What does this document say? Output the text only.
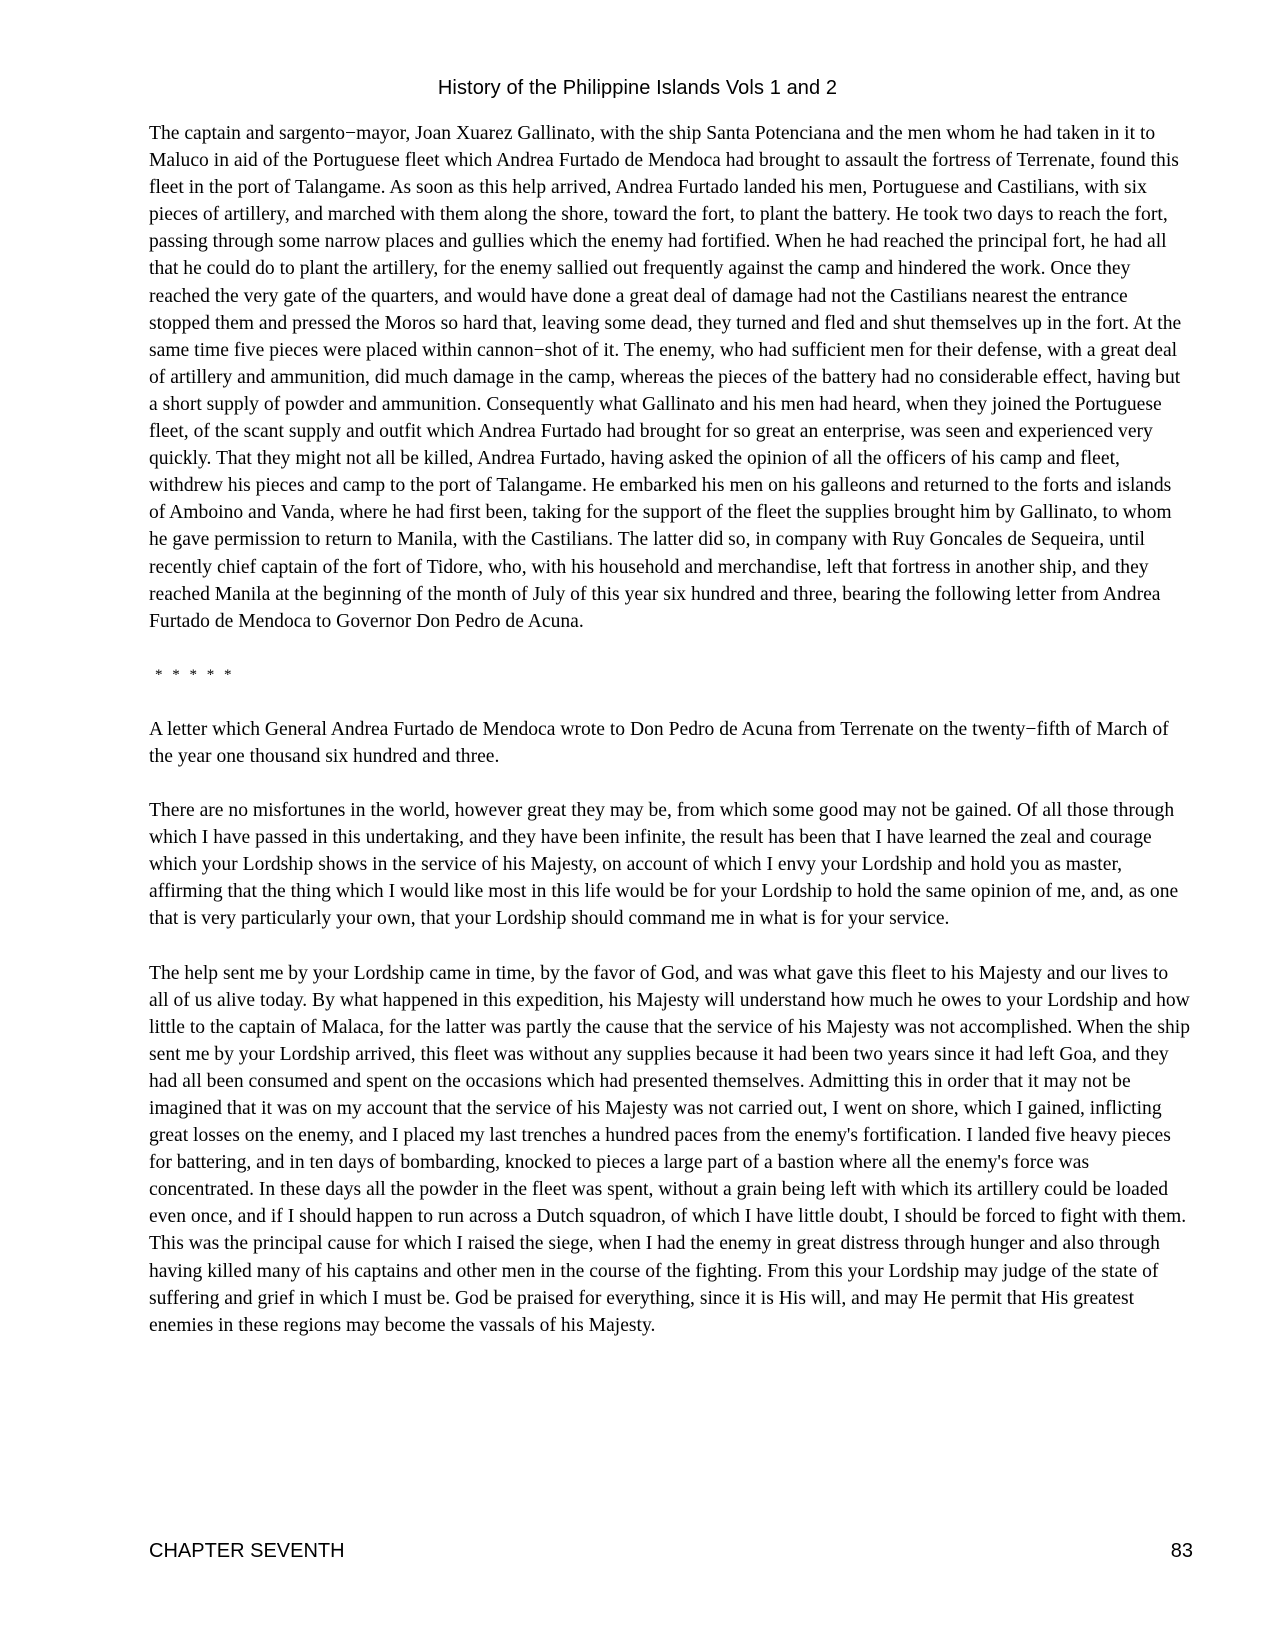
History of the Philippine Islands Vols 1 and 2

The captain and sargento−mayor, Joan Xuarez Gallinato, with the ship Santa Potenciana and the men whom he had taken in it to Maluco in aid of the Portuguese fleet which Andrea Furtado de Mendoca had brought to assault the fortress of Terrenate, found this fleet in the port of Talangame. As soon as this help arrived, Andrea Furtado landed his men, Portuguese and Castilians, with six pieces of artillery, and marched with them along the shore, toward the fort, to plant the battery. He took two days to reach the fort, passing through some narrow places and gullies which the enemy had fortified. When he had reached the principal fort, he had all that he could do to plant the artillery, for the enemy sallied out frequently against the camp and hindered the work. Once they reached the very gate of the quarters, and would have done a great deal of damage had not the Castilians nearest the entrance stopped them and pressed the Moros so hard that, leaving some dead, they turned and fled and shut themselves up in the fort. At the same time five pieces were placed within cannon−shot of it. The enemy, who had sufficient men for their defense, with a great deal of artillery and ammunition, did much damage in the camp, whereas the pieces of the battery had no considerable effect, having but a short supply of powder and ammunition. Consequently what Gallinato and his men had heard, when they joined the Portuguese fleet, of the scant supply and outfit which Andrea Furtado had brought for so great an enterprise, was seen and experienced very quickly. That they might not all be killed, Andrea Furtado, having asked the opinion of all the officers of his camp and fleet, withdrew his pieces and camp to the port of Talangame. He embarked his men on his galleons and returned to the forts and islands of Amboino and Vanda, where he had first been, taking for the support of the fleet the supplies brought him by Gallinato, to whom he gave permission to return to Manila, with the Castilians. The latter did so, in company with Ruy Goncales de Sequeira, until recently chief captain of the fort of Tidore, who, with his household and merchandise, left that fortress in another ship, and they reached Manila at the beginning of the month of July of this year six hundred and three, bearing the following letter from Andrea Furtado de Mendoca to Governor Don Pedro de Acuna.

* * * * *

A letter which General Andrea Furtado de Mendoca wrote to Don Pedro de Acuna from Terrenate on the twenty−fifth of March of the year one thousand six hundred and three.

There are no misfortunes in the world, however great they may be, from which some good may not be gained. Of all those through which I have passed in this undertaking, and they have been infinite, the result has been that I have learned the zeal and courage which your Lordship shows in the service of his Majesty, on account of which I envy your Lordship and hold you as master, affirming that the thing which I would like most in this life would be for your Lordship to hold the same opinion of me, and, as one that is very particularly your own, that your Lordship should command me in what is for your service.

The help sent me by your Lordship came in time, by the favor of God, and was what gave this fleet to his Majesty and our lives to all of us alive today. By what happened in this expedition, his Majesty will understand how much he owes to your Lordship and how little to the captain of Malaca, for the latter was partly the cause that the service of his Majesty was not accomplished. When the ship sent me by your Lordship arrived, this fleet was without any supplies because it had been two years since it had left Goa, and they had all been consumed and spent on the occasions which had presented themselves. Admitting this in order that it may not be imagined that it was on my account that the service of his Majesty was not carried out, I went on shore, which I gained, inflicting great losses on the enemy, and I placed my last trenches a hundred paces from the enemy's fortification. I landed five heavy pieces for battering, and in ten days of bombarding, knocked to pieces a large part of a bastion where all the enemy's force was concentrated. In these days all the powder in the fleet was spent, without a grain being left with which its artillery could be loaded even once, and if I should happen to run across a Dutch squadron, of which I have little doubt, I should be forced to fight with them. This was the principal cause for which I raised the siege, when I had the enemy in great distress through hunger and also through having killed many of his captains and other men in the course of the fighting. From this your Lordship may judge of the state of suffering and grief in which I must be. God be praised for everything, since it is His will, and may He permit that His greatest enemies in these regions may become the vassals of his Majesty.

CHAPTER SEVENTH	83
